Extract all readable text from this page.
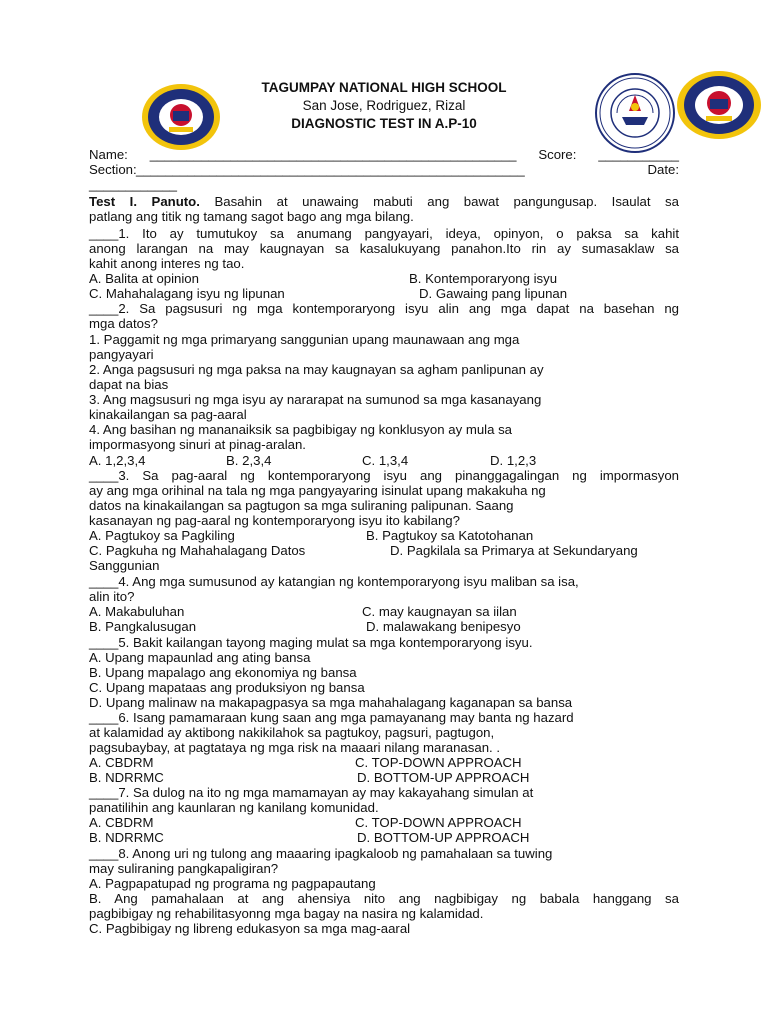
TAGUMPAY NATIONAL HIGH SCHOOL
San Jose, Rodriguez, Rizal
DIAGNOSTIC TEST IN A.P-10
Name: __________________________________________________ Score: ___________
Section: _____________________________________________________	Date:
____________
Test I. Panuto. Basahin at unawaing mabuti ang bawat pangungusap. Isaulat sa
patlang ang titik ng tamang sagot bago ang mga bilang.
____1. Ito ay tumutukoy sa anumang pangyayari, ideya, opinyon, o paksa sa kahit
anong larangan na may kaugnayan sa kasalukuyang panahon.Ito rin ay sumasaklaw sa
kahit anong interes ng tao.
A. Balita at opinion	B. Kontemporaryong isyu
C. Mahahalagang isyu ng lipunan	D. Gawaing pang lipunan
____2. Sa pagsusuri ng mga kontemporaryong isyu alin ang mga dapat na basehan ng
mga datos?
1. Paggamit ng mga primaryang sanggunian upang maunawaan ang mga
pangyayari
2. Anga pagsusuri ng mga paksa na may kaugnayan sa agham panlipunan ay
dapat na bias
3. Ang magsusuri ng mga isyu ay nararapat na sumunod sa mga kasanayang
kinakailangan sa pag-aaral
4. Ang basihan ng mananaiksik sa pagbibigay ng konklusyon ay mula sa
impormasyong sinuri at pinag-aralan.
A. 1,2,3,4	B. 2,3,4	C. 1,3,4	D. 1,2,3
____3. Sa pag-aaral ng kontemporaryong isyu ang pinanggagalingan ng impormasyon
ay ang mga orihinal na tala ng mga pangyayaring isinulat upang makakuha ng
datos na kinakailangan sa pagtugon sa mga suliraning palipunan. Saang
kasanayan ng pag-aaral ng kontemporaryong isyu ito kabilang?
A. Pagtukoy sa Pagkiling	B. Pagtukoy sa Katotohanan
C. Pagkuha ng Mahahalagang Datos	D. Pagkilala sa Primarya at Sekundaryang
Sanggunian
____4. Ang mga sumusunod ay katangian ng kontemporaryong isyu maliban sa isa,
alin ito?
A. Makabuluhan	C. may kaugnayan sa iilan
B. Pangkalusugan	D. malawakang benipesyo
____5. Bakit kailangan tayong maging mulat sa mga kontemporaryong isyu.
A. Upang mapaunlad ang ating bansa
B. Upang mapalago ang ekonomiya ng bansa
C. Upang mapataas ang produksiyon ng bansa
D. Upang malinaw na makapagpasya sa mga mahahalagang kaganapan sa bansa
____6. Isang pamamaraan kung saan ang mga pamayanang may banta ng hazard
at kalamidad ay aktibong nakikilahok sa pagtukoy, pagsuri, pagtugon,
pagsubaybay, at pagtataya ng mga risk na maaari nilang maranasan. .
A. CBDRM	C. TOP-DOWN APPROACH
B. NDRRMC	D. BOTTOM-UP APPROACH
____7. Sa dulog na ito ng mga mamamayan ay may kakayahang simulan at
panatilihin ang kaunlaran ng kanilang komunidad.
A. CBDRM	C. TOP-DOWN APPROACH
B. NDRRMC	D. BOTTOM-UP APPROACH
____8. Anong uri ng tulong ang maaaring ipagkaloob ng pamahalaan sa tuwing
may suliraning pangkapaligiran?
A. Pagpapatupad ng programa ng pagpapautang
B. Ang pamahalaan at ang ahensiya nito ang nagbibigay ng babala hanggang sa
pagbibigay ng rehabilitasyonng mga bagay na nasira ng kalamidad.
C. Pagbibigay ng libreng edukasyon sa mga mag-aaral
